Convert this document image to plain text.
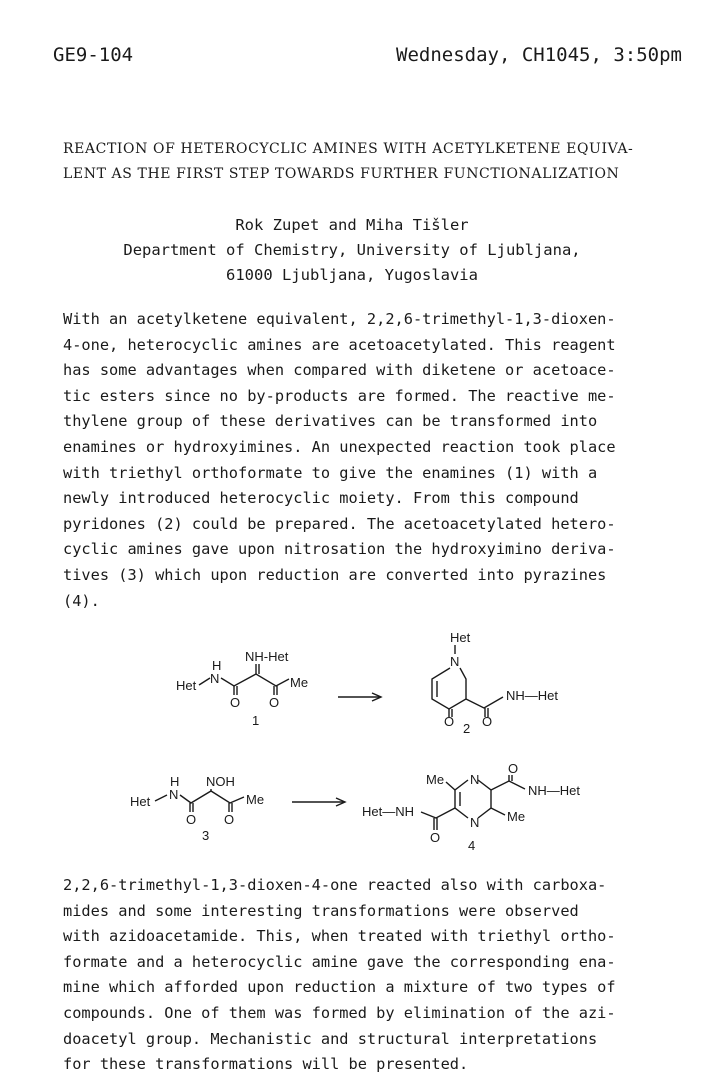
GE9-104	Wednesday, CH1045, 3:50pm
REACTION OF HETEROCYCLIC AMINES WITH ACETYLKETENE EQUIVA-
LENT AS THE FIRST STEP TOWARDS FURTHER FUNCTIONALIZATION
Rok Zupet and Miha Tišler
Department of Chemistry, University of Ljubljana,
61000 Ljubljana, Yugoslavia
With an acetylketene equivalent, 2,2,6-trimethyl-1,3-dioxen-
4-one, heterocyclic amines are acetoacetylated. This reagent
has some advantages when compared with diketene or acetoace-
tic esters since no by-products are formed. The reactive me-
thylene group of these derivatives can be transformed into
enamines or hydroxyimines. An unexpected reaction took place
with triethyl orthoformate to give the enamines (1) with a
newly introduced heterocyclic moiety. From this compound
pyridones (2) could be prepared. The acetoacetylated hetero-
cyclic amines gave upon nitrosation the hydroxyimino deriva-
tives (3) which upon reduction are converted into pyrazines
(4).
Het
H
N
NH-Het
Me
O O
1
Het
N
O O
NH—Het
2
Het
H
N
NOH
Me
O O
3
Me N
O
NH—Het
Het—NH
N Me
O
4
2,2,6-trimethyl-1,3-dioxen-4-one reacted also with carboxa-
mides and some interesting transformations were observed
with azidoacetamide. This, when treated with triethyl ortho-
formate and a heterocyclic amine gave the corresponding ena-
mine which afforded upon reduction a mixture of two types of
compounds. One of them was formed by elimination of the azi-
doacetyl group. Mechanistic and structural interpretations
for these transformations will be presented.
